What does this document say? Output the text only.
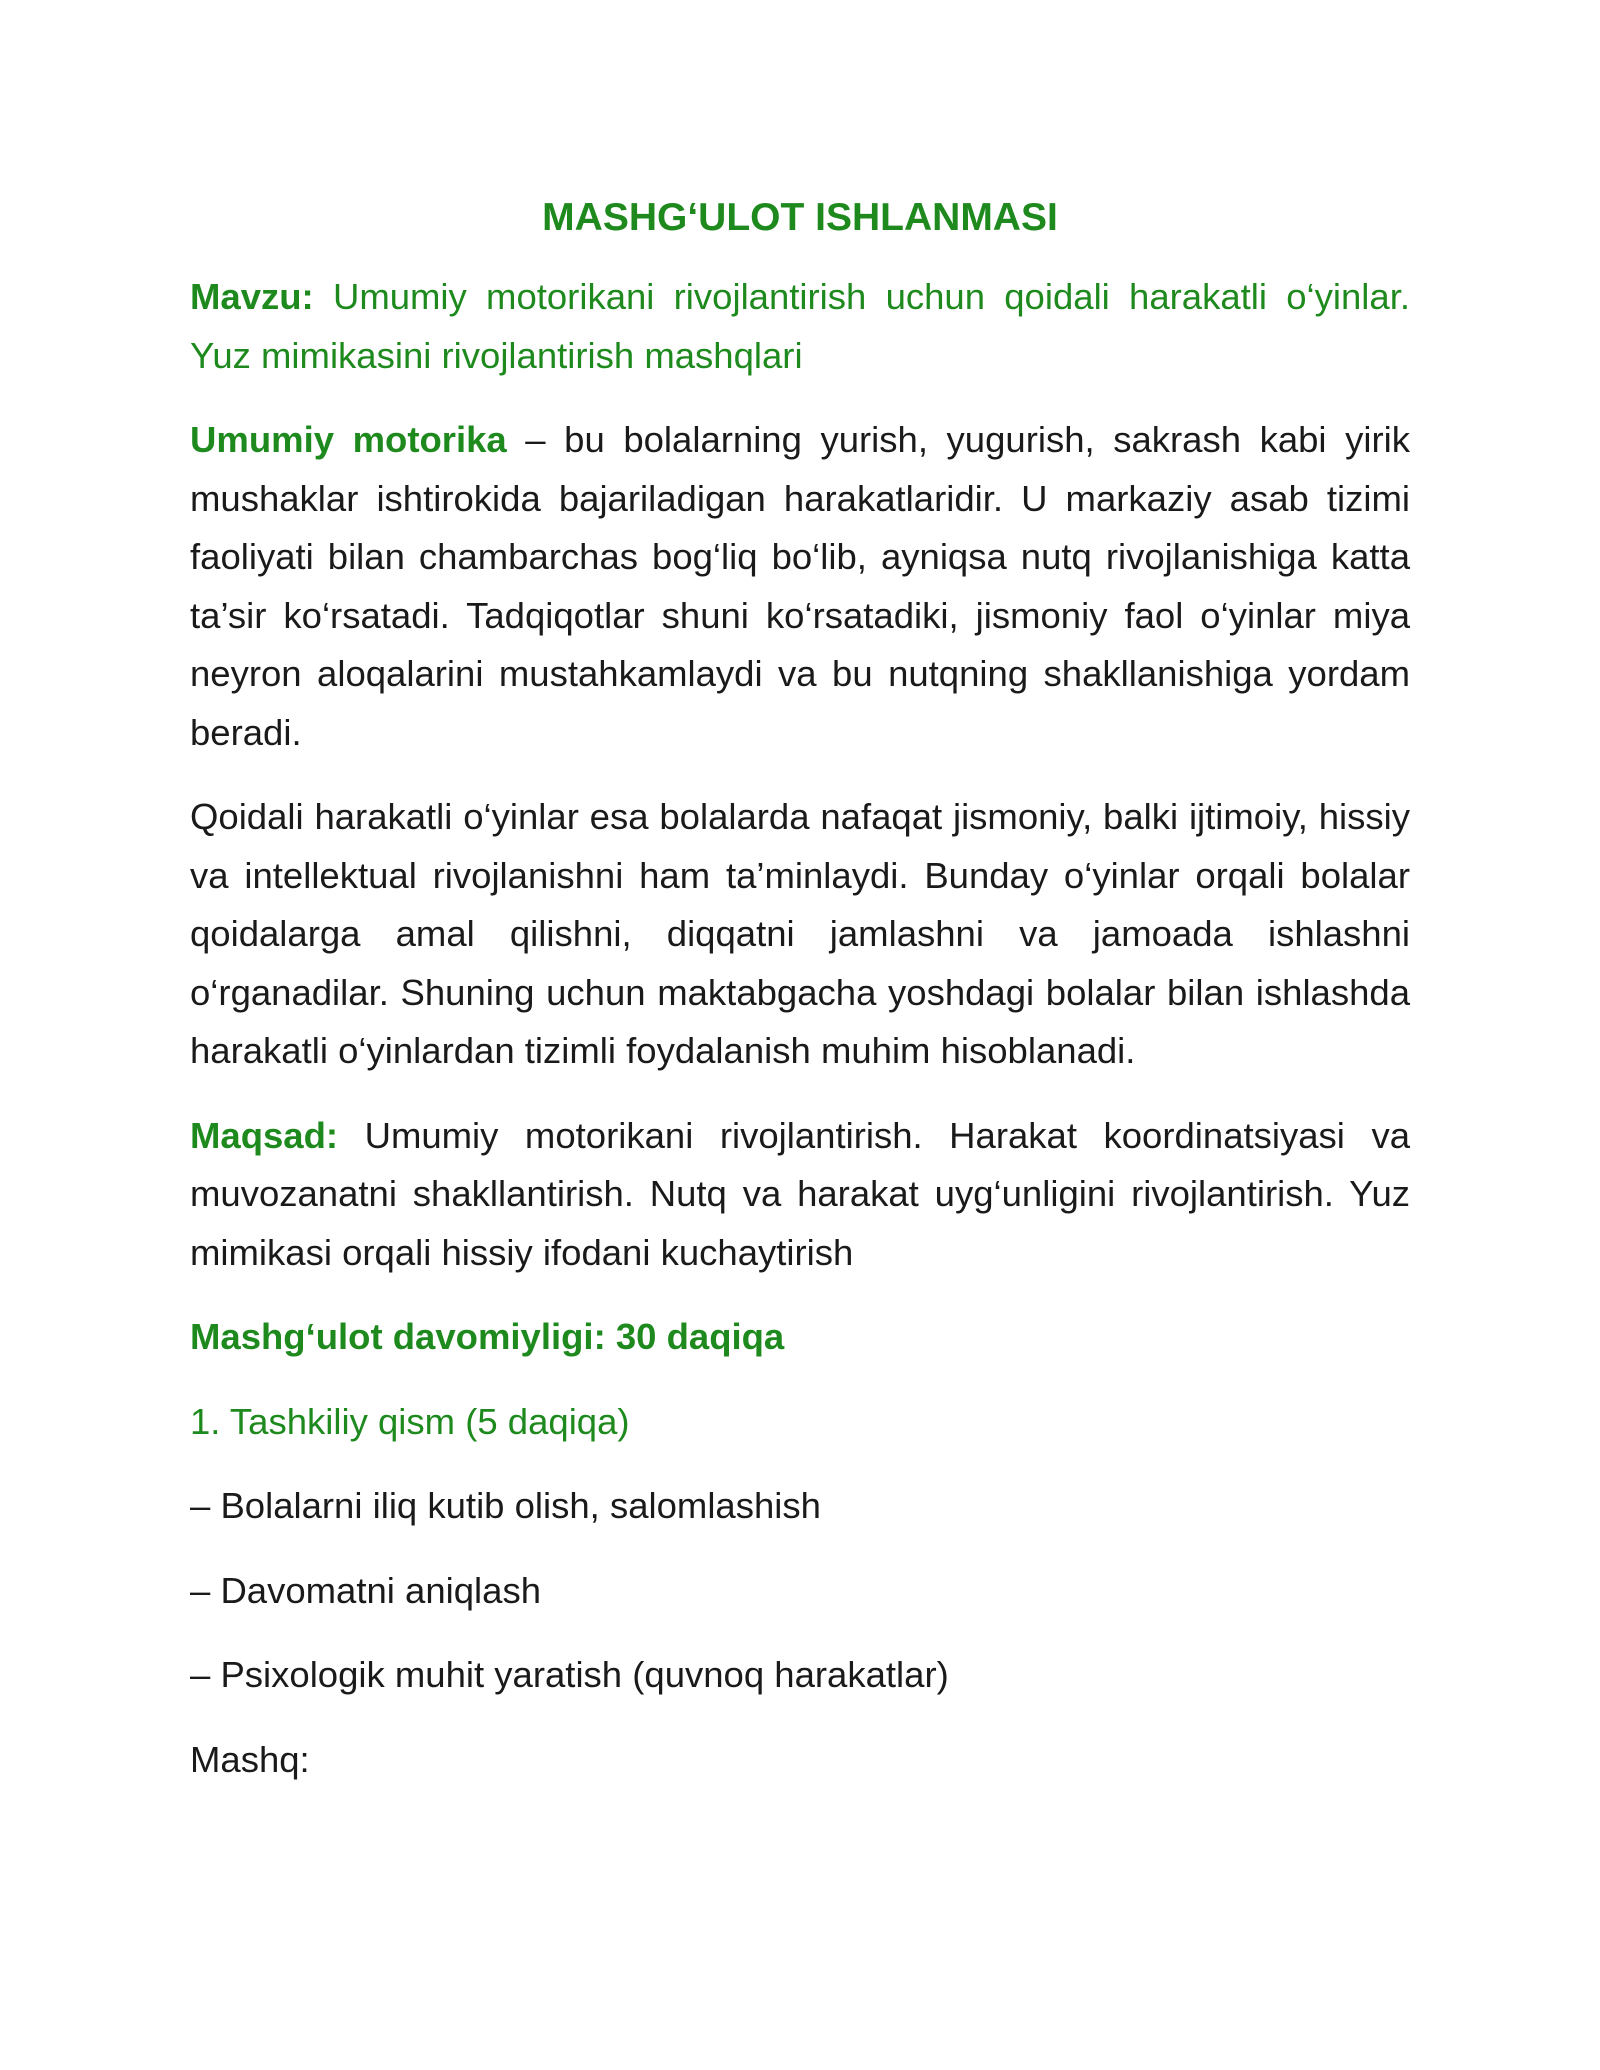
MASHG‘ULOT ISHLANMASI

Mavzu: Umumiy motorikani rivojlantirish uchun qoidali harakatli o‘yinlar. Yuz mimikasini rivojlantirish mashqlari

Umumiy motorika – bu bolalarning yurish, yugurish, sakrash kabi yirik mushaklar ishtirokida bajariladigan harakatlaridir. U markaziy asab tizimi faoliyati bilan chambarchas bog‘liq bo‘lib, ayniqsa nutq rivojlanishiga katta ta’sir ko‘rsatadi. Tadqiqotlar shuni ko‘rsatadiki, jismoniy faol o‘yinlar miya neyron aloqalarini mustahkamlaydi va bu nutqning shakllanishiga yordam beradi.

Qoidali harakatli o‘yinlar esa bolalarda nafaqat jismoniy, balki ijtimoiy, hissiy va intellektual rivojlanishni ham ta’minlaydi. Bunday o‘yinlar orqali bolalar qoidalarga amal qilishni, diqqatni jamlashni va jamoada ishlashni o‘rganadilar. Shuning uchun maktabgacha yoshdagi bolalar bilan ishlashda harakatli o‘yinlardan tizimli foydalanish muhim hisoblanadi.

Maqsad: Umumiy motorikani rivojlantirish. Harakat koordinatsiyasi va muvozanatni shakllantirish. Nutq va harakat uyg‘unligini rivojlantirish. Yuz mimikasi orqali hissiy ifodani kuchaytirish

Mashg‘ulot davomiyligi: 30 daqiqa

1. Tashkiliy qism (5 daqiqa)

– Bolalarni iliq kutib olish, salomlashish

– Davomatni aniqlash

– Psixologik muhit yaratish (quvnoq harakatlar)

Mashq:
